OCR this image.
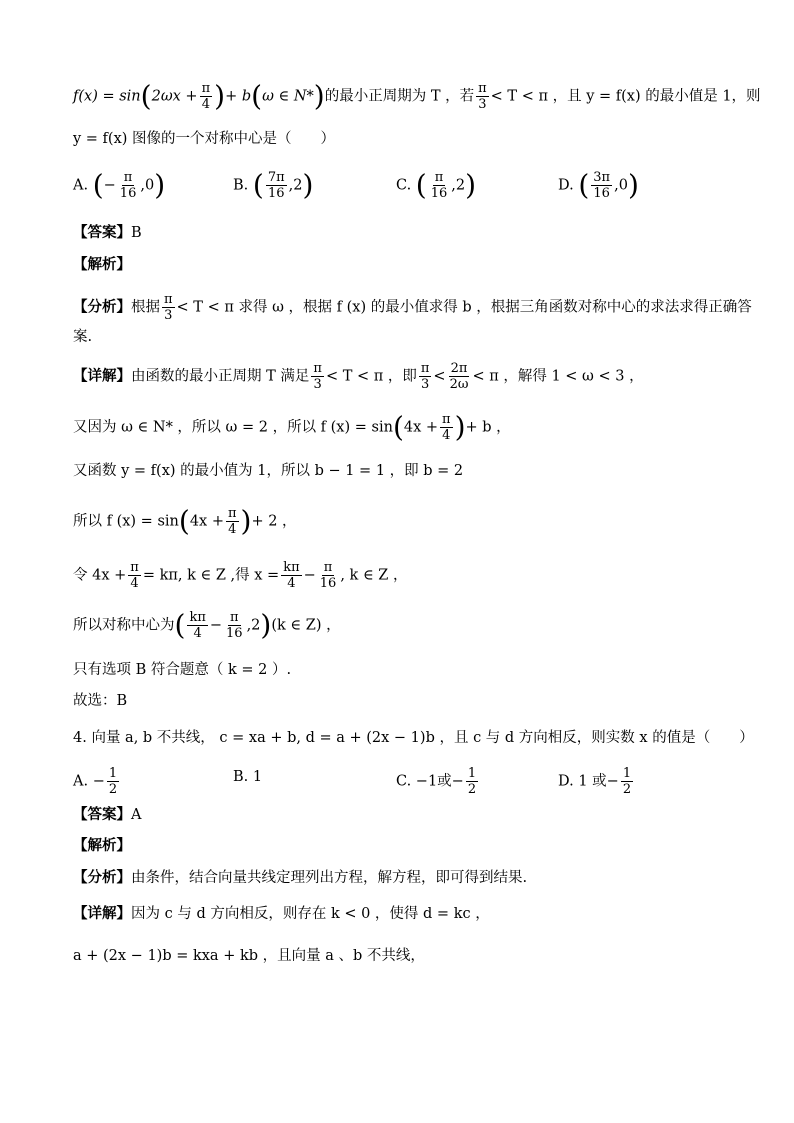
$f(x) = \sin(2\omega x + \frac{\pi}{4}$ )+ b(ω ∈ N*)的最小正周期为 T ，若 $\frac{\pi}{3} < T < \pi$ ，且 y = f(x) 的最小值是 1，则
y = f(x) 图像的一个对称中心是（　　）
A. (− $\frac{\pi}{16} ,0$)	B. ( $\frac{7\pi}{16} ,2$)	C. ( $\frac{\pi}{16} ,2$)	D. ( $\frac{3\pi}{16} ,0$)
【答案】B
【解析】
【分析】根据 $\frac{\pi}{3} < T < \pi$ 求得 ω ，根据 f (x) 的最小值求得 b ，根据三角函数对称中心的求法求得正确答
案.
【详解】由函数的最小正周期 T 满足 $\frac{\pi}{3} < T < \pi$ ，即 $\frac{\pi}{3} < \frac{2\pi}{2\omega} < \pi$ ，解得 1 < ω < 3 ，
又因为 ω ∈ N* ，所以 ω = 2 ，所以 f $(x) = \sin(4x + \frac{\pi}{4}$ )+ b ，
又函数 y = f(x) 的最小值为 1，所以 b − 1 = 1 ，即 b = 2
所以 f $(x) = \sin(4x + \frac{\pi}{4}$ )+ 2 ，
令 $4x + \frac{\pi}{4} = k\pi$, k ∈ Z ,得 $x = \frac{k\pi}{4} - \frac{\pi}{16}$ , k ∈ Z ，
所以对称中心为( $\frac{k\pi}{4} - \frac{\pi}{16} ,2)(k$ ∈ Z) ，
只有选项 B 符合题意（ k = 2 ）.
故选：B
4. 向量 a, b 不共线， c = xa + b, d = a + (2x − 1)b ，且 c 与 d 方向相反，则实数 x 的值是（　　）
A. − $\frac{1}{2}$	B. 1	C. −1或− $\frac{1}{2}$	D. 1 或− $\frac{1}{2}$
【答案】A
【解析】
【分析】由条件，结合向量共线定理列出方程，解方程，即可得到结果.
【详解】因为 c 与 d 方向相反，则存在 k < 0 ，使得 d = kc ，
a + (2x − 1)b = kxa + kb ，且向量 a 、b 不共线，
